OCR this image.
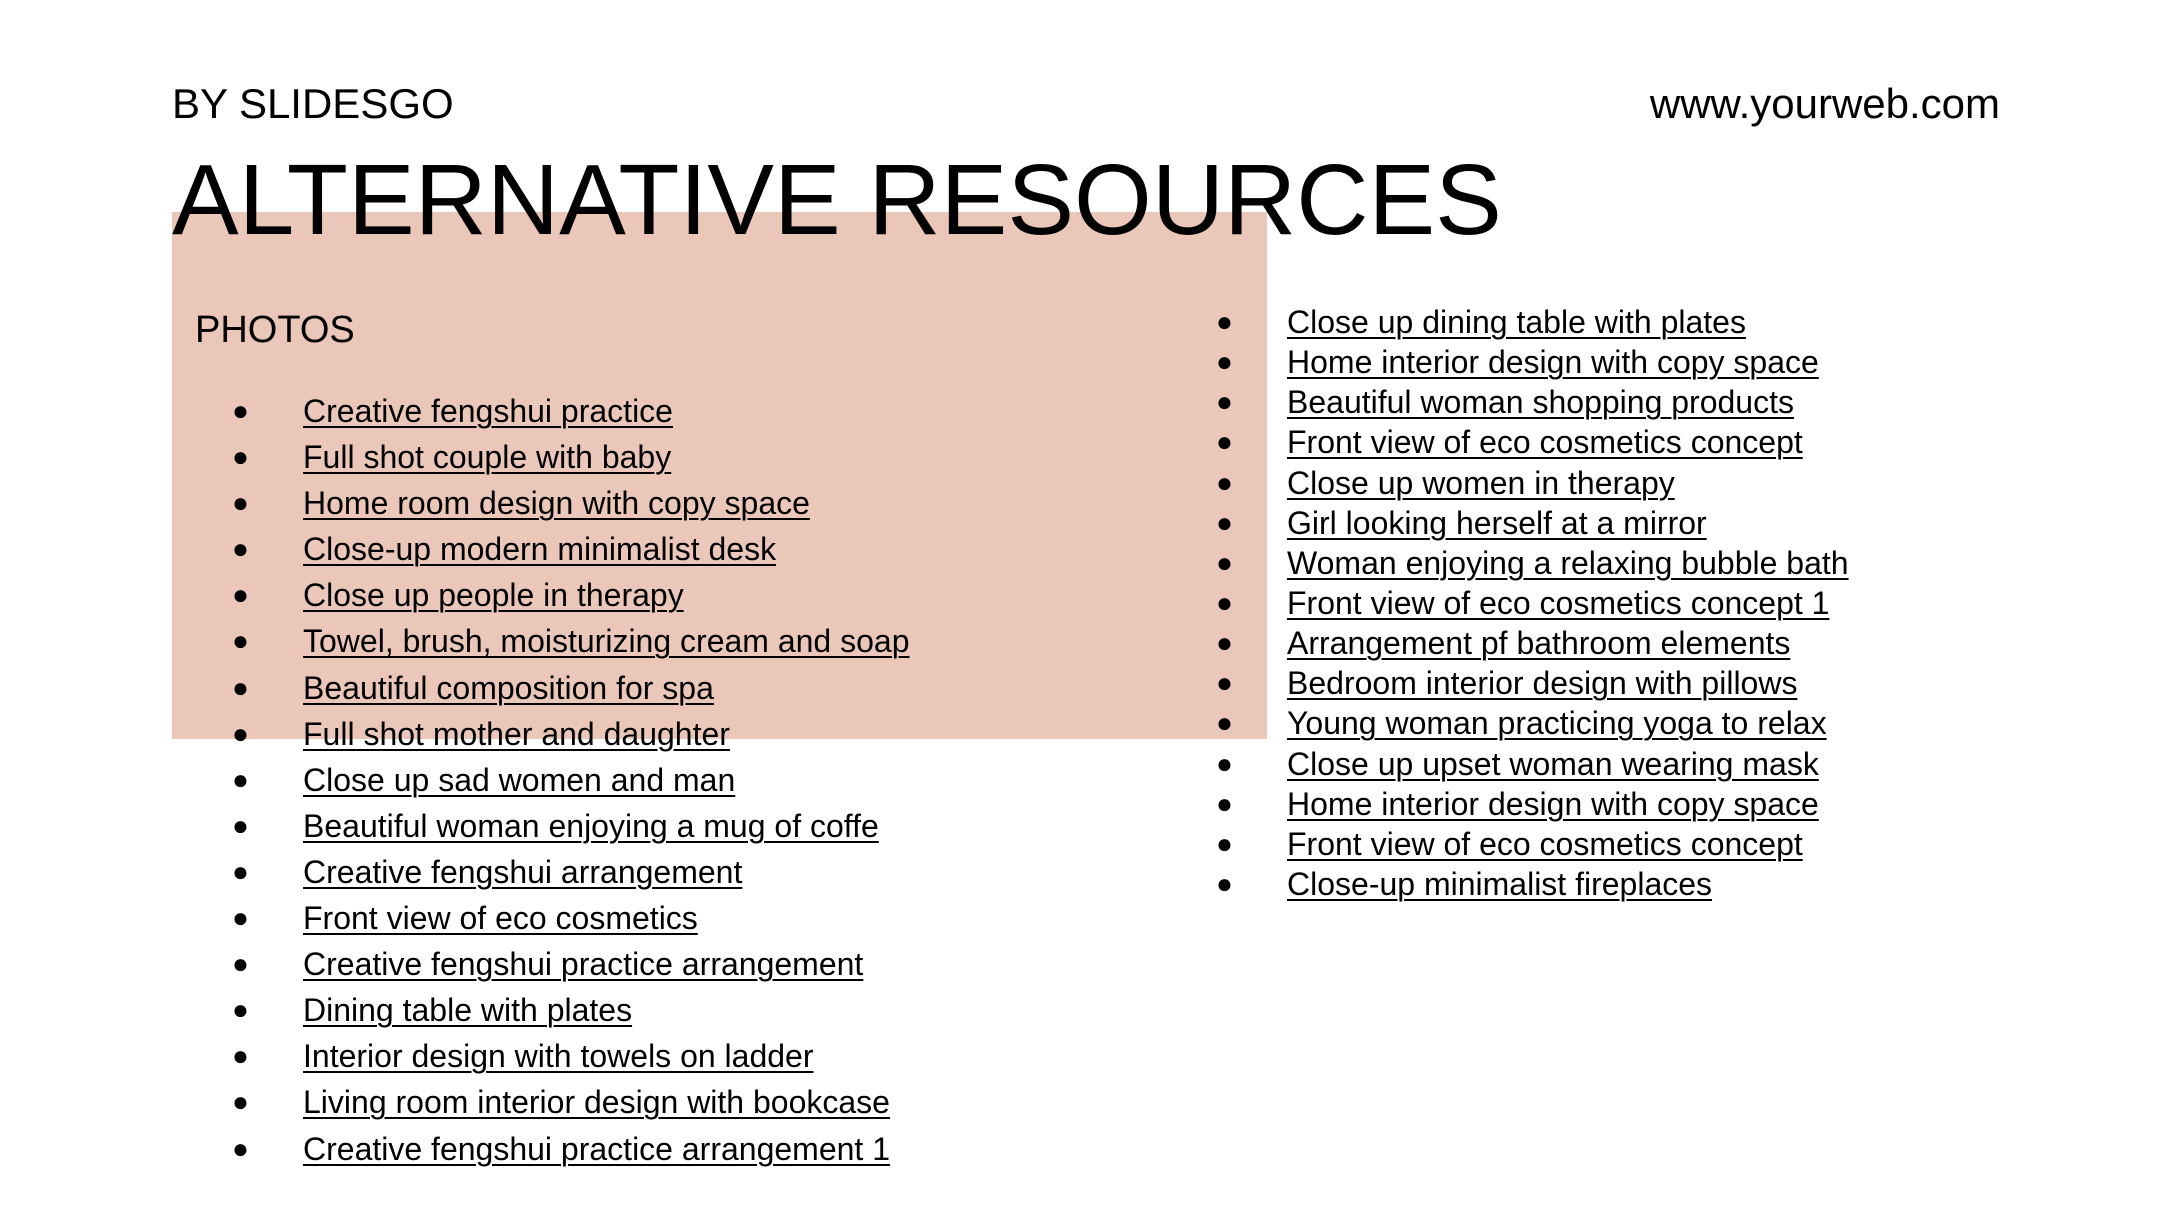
BY SLIDESGO	www.yourweb.com
ALTERNATIVE RESOURCES
PHOTOS
● Creative fengshui practice
● Full shot couple with baby
● Home room design with copy space
● Close-up modern minimalist desk
● Close up people in therapy
● Towel, brush, moisturizing cream and soap
● Beautiful composition for spa
● Full shot mother and daughter
● Close up sad women and man
● Beautiful woman enjoying a mug of coffe
● Creative fengshui arrangement
● Front view of eco cosmetics
● Creative fengshui practice arrangement
● Dining table with plates
● Interior design with towels on ladder
● Living room interior design with bookcase
● Creative fengshui practice arrangement 1
● Close up dining table with plates
● Home interior design with copy space
● Beautiful woman shopping products
● Front view of eco cosmetics concept
● Close up women in therapy
● Girl looking herself at a mirror
● Woman enjoying a relaxing bubble bath
● Front view of eco cosmetics concept 1
● Arrangement pf bathroom elements
● Bedroom interior design with pillows
● Young woman practicing yoga to relax
● Close up upset woman wearing mask
● Home interior design with copy space
● Front view of eco cosmetics concept
● Close-up minimalist fireplaces
